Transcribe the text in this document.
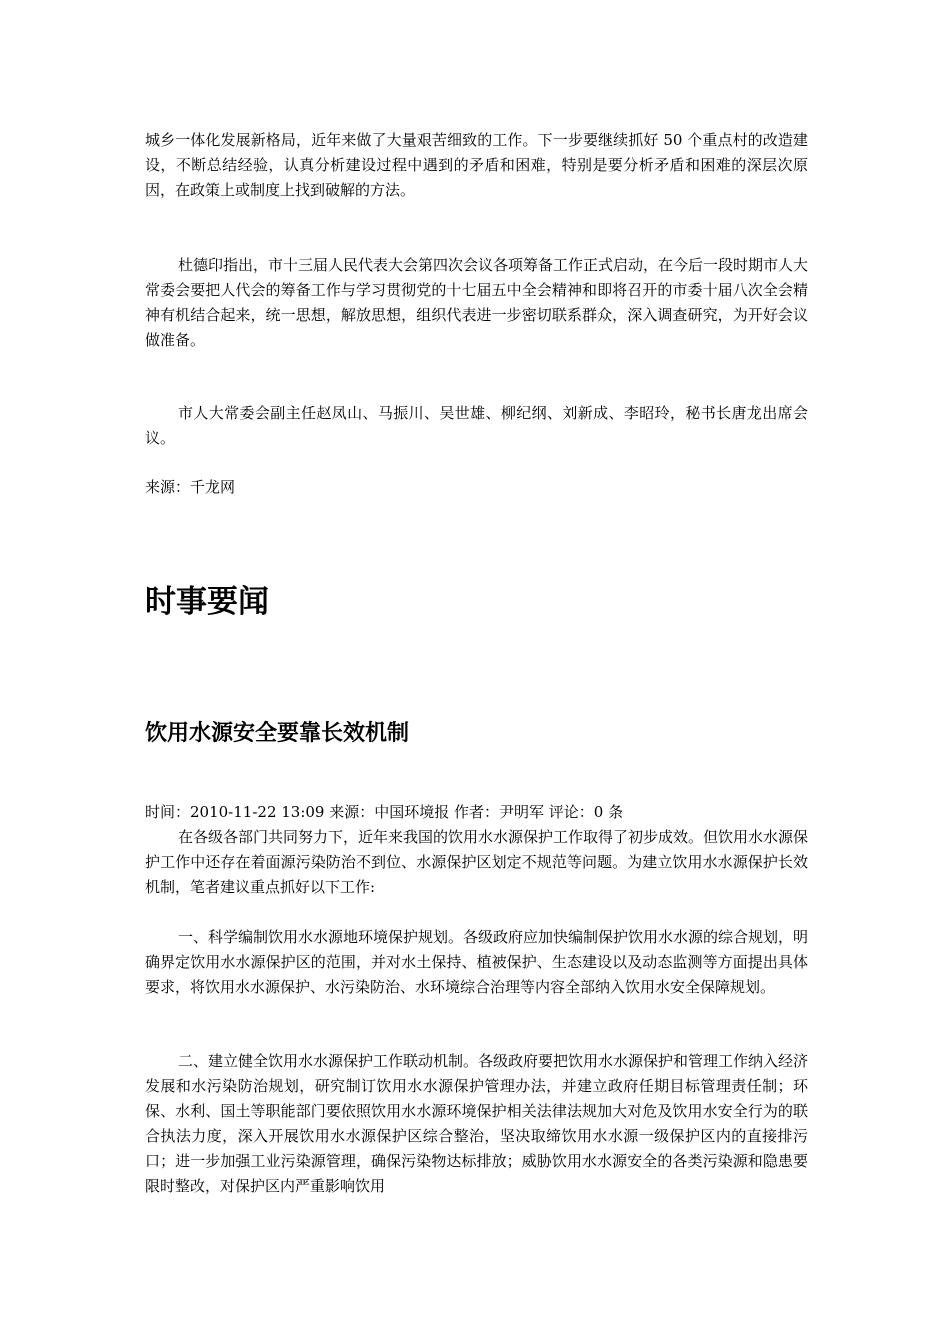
城乡一体化发展新格局，近年来做了大量艰苦细致的工作。下一步要继续抓好 50 个重点村的改造建设，不断总结经验，认真分析建设过程中遇到的矛盾和困难，特别是要分析矛盾和困难的深层次原因，在政策上或制度上找到破解的方法。

杜德印指出，市十三届人民代表大会第四次会议各项筹备工作正式启动，在今后一段时期市人大常委会要把人代会的筹备工作与学习贯彻党的十七届五中全会精神和即将召开的市委十届八次全会精神有机结合起来，统一思想，解放思想，组织代表进一步密切联系群众，深入调查研究，为开好会议做准备。

市人大常委会副主任赵凤山、马振川、吴世雄、柳纪纲、刘新成、李昭玲，秘书长唐龙出席会议。

来源：千龙网

时事要闻
饮用水源安全要靠长效机制

时间：2010-11-22 13:09 来源：中国环境报 作者：尹明军 评论：0 条

在各级各部门共同努力下，近年来我国的饮用水水源保护工作取得了初步成效。但饮用水水源保护工作中还存在着面源污染防治不到位、水源保护区划定不规范等问题。为建立饮用水水源保护长效机制，笔者建议重点抓好以下工作:

一、科学编制饮用水水源地环境保护规划。各级政府应加快编制保护饮用水水源的综合规划，明确界定饮用水水源保护区的范围，并对水土保持、植被保护、生态建设以及动态监测等方面提出具体要求，将饮用水水源保护、水污染防治、水环境综合治理等内容全部纳入饮用水安全保障规划。

二、建立健全饮用水水源保护工作联动机制。各级政府要把饮用水水源保护和管理工作纳入经济发展和水污染防治规划，研究制订饮用水水源保护管理办法，并建立政府任期目标管理责任制；环保、水利、国土等职能部门要依照饮用水水源环境保护相关法律法规加大对危及饮用水安全行为的联合执法力度，深入开展饮用水水源保护区综合整治，坚决取缔饮用水水源一级保护区内的直接排污口；进一步加强工业污染源管理，确保污染物达标排放；威胁饮用水水源安全的各类污染源和隐患要限时整改，对保护区内严重影响饮用
